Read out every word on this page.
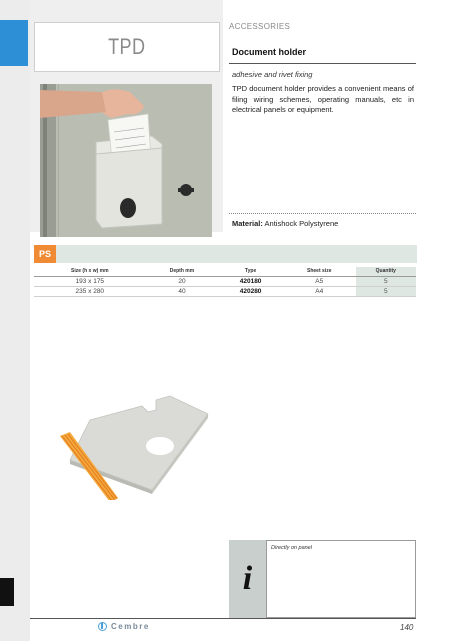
TPD
ACCESSORIES
Document holder
adhesive and rivet fixing
TPD document holder provides a convenient means of filing wiring schemes, operating manuals, etc in electrical panels or equipment.
Material: Antishock Polystyrene
PS
Size (h x w) mm	Depth mm	Type	Sheet size	Quantity
193 x 175	20	420180	A5	5
235 x 280	40	420280	A4	5
i
Directly on panel
Cembre	140
